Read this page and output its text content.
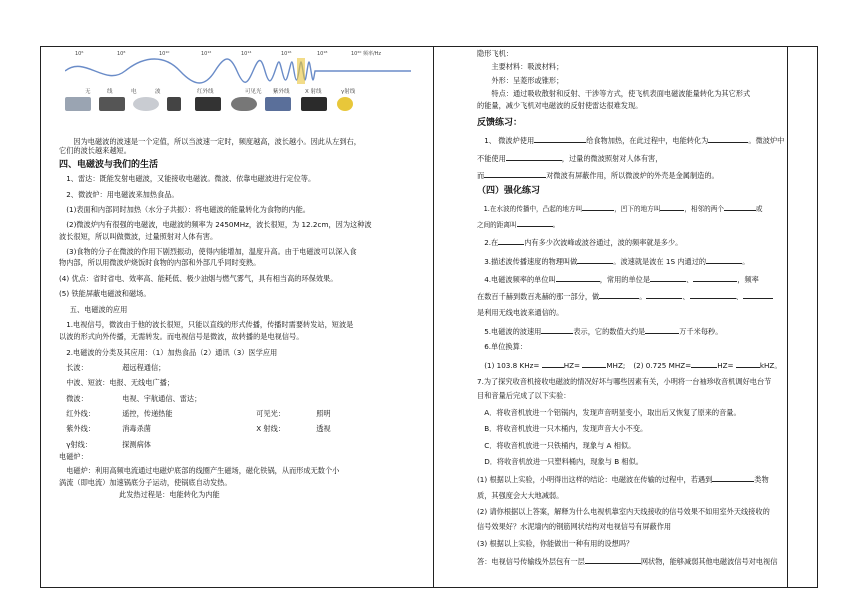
10⁶	10⁸	10¹⁰	10¹²	10¹⁴	10¹⁶	10¹⁸	10²⁰ 频率/Hz
无	线	电	波	红外线	可见光 紫外线	X 射线	γ射线

因为电磁波的波速是一个定值，所以当波速一定时，频度越高，波长越小。因此从左到右，

它们的波长越来越短。

四、电磁波与我们的生活

1、雷达：既能发射电磁波，又能接收电磁波。微波、依靠电磁波进行定位等。

2、微波炉：用电磁波来加热食品。

(1)表面和内部同时加热（水分子共振）：将电磁波的能量转化为食物的内能。

(2)微波炉内有很强的电磁波，电磁波的频率为 2450MHz，波长很短，为 12.2cm，因为这种波

波长很短，所以叫做微波，过量照射对人体有害。

(3)食物的分子在微波的作用下剧烈振动，使得内能增加，温度升高。由于电磁波可以深入食

物内部，所以用微波炉烧饭时食物的内部和外部几乎同时变熟。

(4) 优点：省时省电、效率高、能耗低、极少油烟与燃气雾气，具有相当高的环保效果。

(5) 铁能屏蔽电磁波和磁场。

五、电磁波的应用

1.电视信号，微波由于他的波长很短，只能以直线的形式传播，传播时需要转发站，短波是

以波的形式向外传播，无需转发。而电视信号是微波，故转播的是电视信号。

2.电磁波的分类及其应用：（1）加热食品（2）通讯（3）医学应用

长波：	超远程通信；

中波、短波：电报、无线电广播；

微波：	电视、宇航通信、雷达；

红外线：	遥控，传递热能	可见光：	照明

紫外线：	消毒杀菌	X 射线：	透视

γ射线：	探测病体

电磁炉：

电磁炉：利用高频电流通过电磁炉底部的线圈产生磁场，磁化铁锅，从而形成无数个小

涡流（即电流）加速锅底分子运动，使锅底自动发热。

此发热过程是：电能转化为内能

隐形飞机：

主要材料：吸波材料；

外形：呈菱形或锥形；

特点：通过吸收散射和反射、干涉等方式，使飞机表面电磁波能量转化为其它形式

的能量，减少飞机对电磁波的反射使雷达很难发现。

反馈练习：

1、 微波炉使用	给食物加热，在此过程中，电能转化为	。微波炉中

不能使用	，过量的微波照射对人体有害，

而	对微波有屏蔽作用，所以微波炉的外壳是金属制造的。

（四）强化练习

1.在水波的传播中，凸起的地方叫	，凹下的地方叫	，相邻的两个	或

之间的距离叫	。

2.在	内有多少次波峰或波谷通过，波的频率就是多少。

3.描述波传播速度的物理叫做	。波速就是波在 1S 内通过的	。

4.电磁波频率的单位叫	，常用的单位是	、	，频率

在数百千赫到数百兆赫的那一部分，做	。	、	、

是利用无线电波来通信的。

5.电磁波的波速用	表示，它的数值大约是	万千米每秒。

6.单位换算：

(1) 103.8 KHz=	HZ=	MHZ; (2) 0.725 MHZ=	HZ=	kHZ。

7.为了探究收音机接收电磁波的情况好坏与哪些因素有关，小明将一台袖珍收音机调好电台节

目和音量后完成了以下实验：

A．将收音机放进一个铝锅内，发现声音明显变小，取出后又恢复了原来的音量。

B．将收音机放进一只木桶内，发现声音大小不变。

C．将收音机放进一只铁桶内，现象与 A 相似。

D．将收音机放进一只塑料桶内，现象与 B 相似。

(1) 根据以上实验，小明得出这样的结论：电磁波在传输的过程中，若遇到	类物

质，其强度会大大地减弱。

(2) 请你根据以上答案，解释为什么电视机靠室内天线接收的信号效果不如用室外天线接收的

信号效果好？水泥墙内的钢筋网状结构对电视信号有屏蔽作用

(3) 根据以上实验，你能做出一种有用的设想吗？

答：电视信号传输线外层包有一层	网状物，能够减弱其他电磁波信号对电视信
